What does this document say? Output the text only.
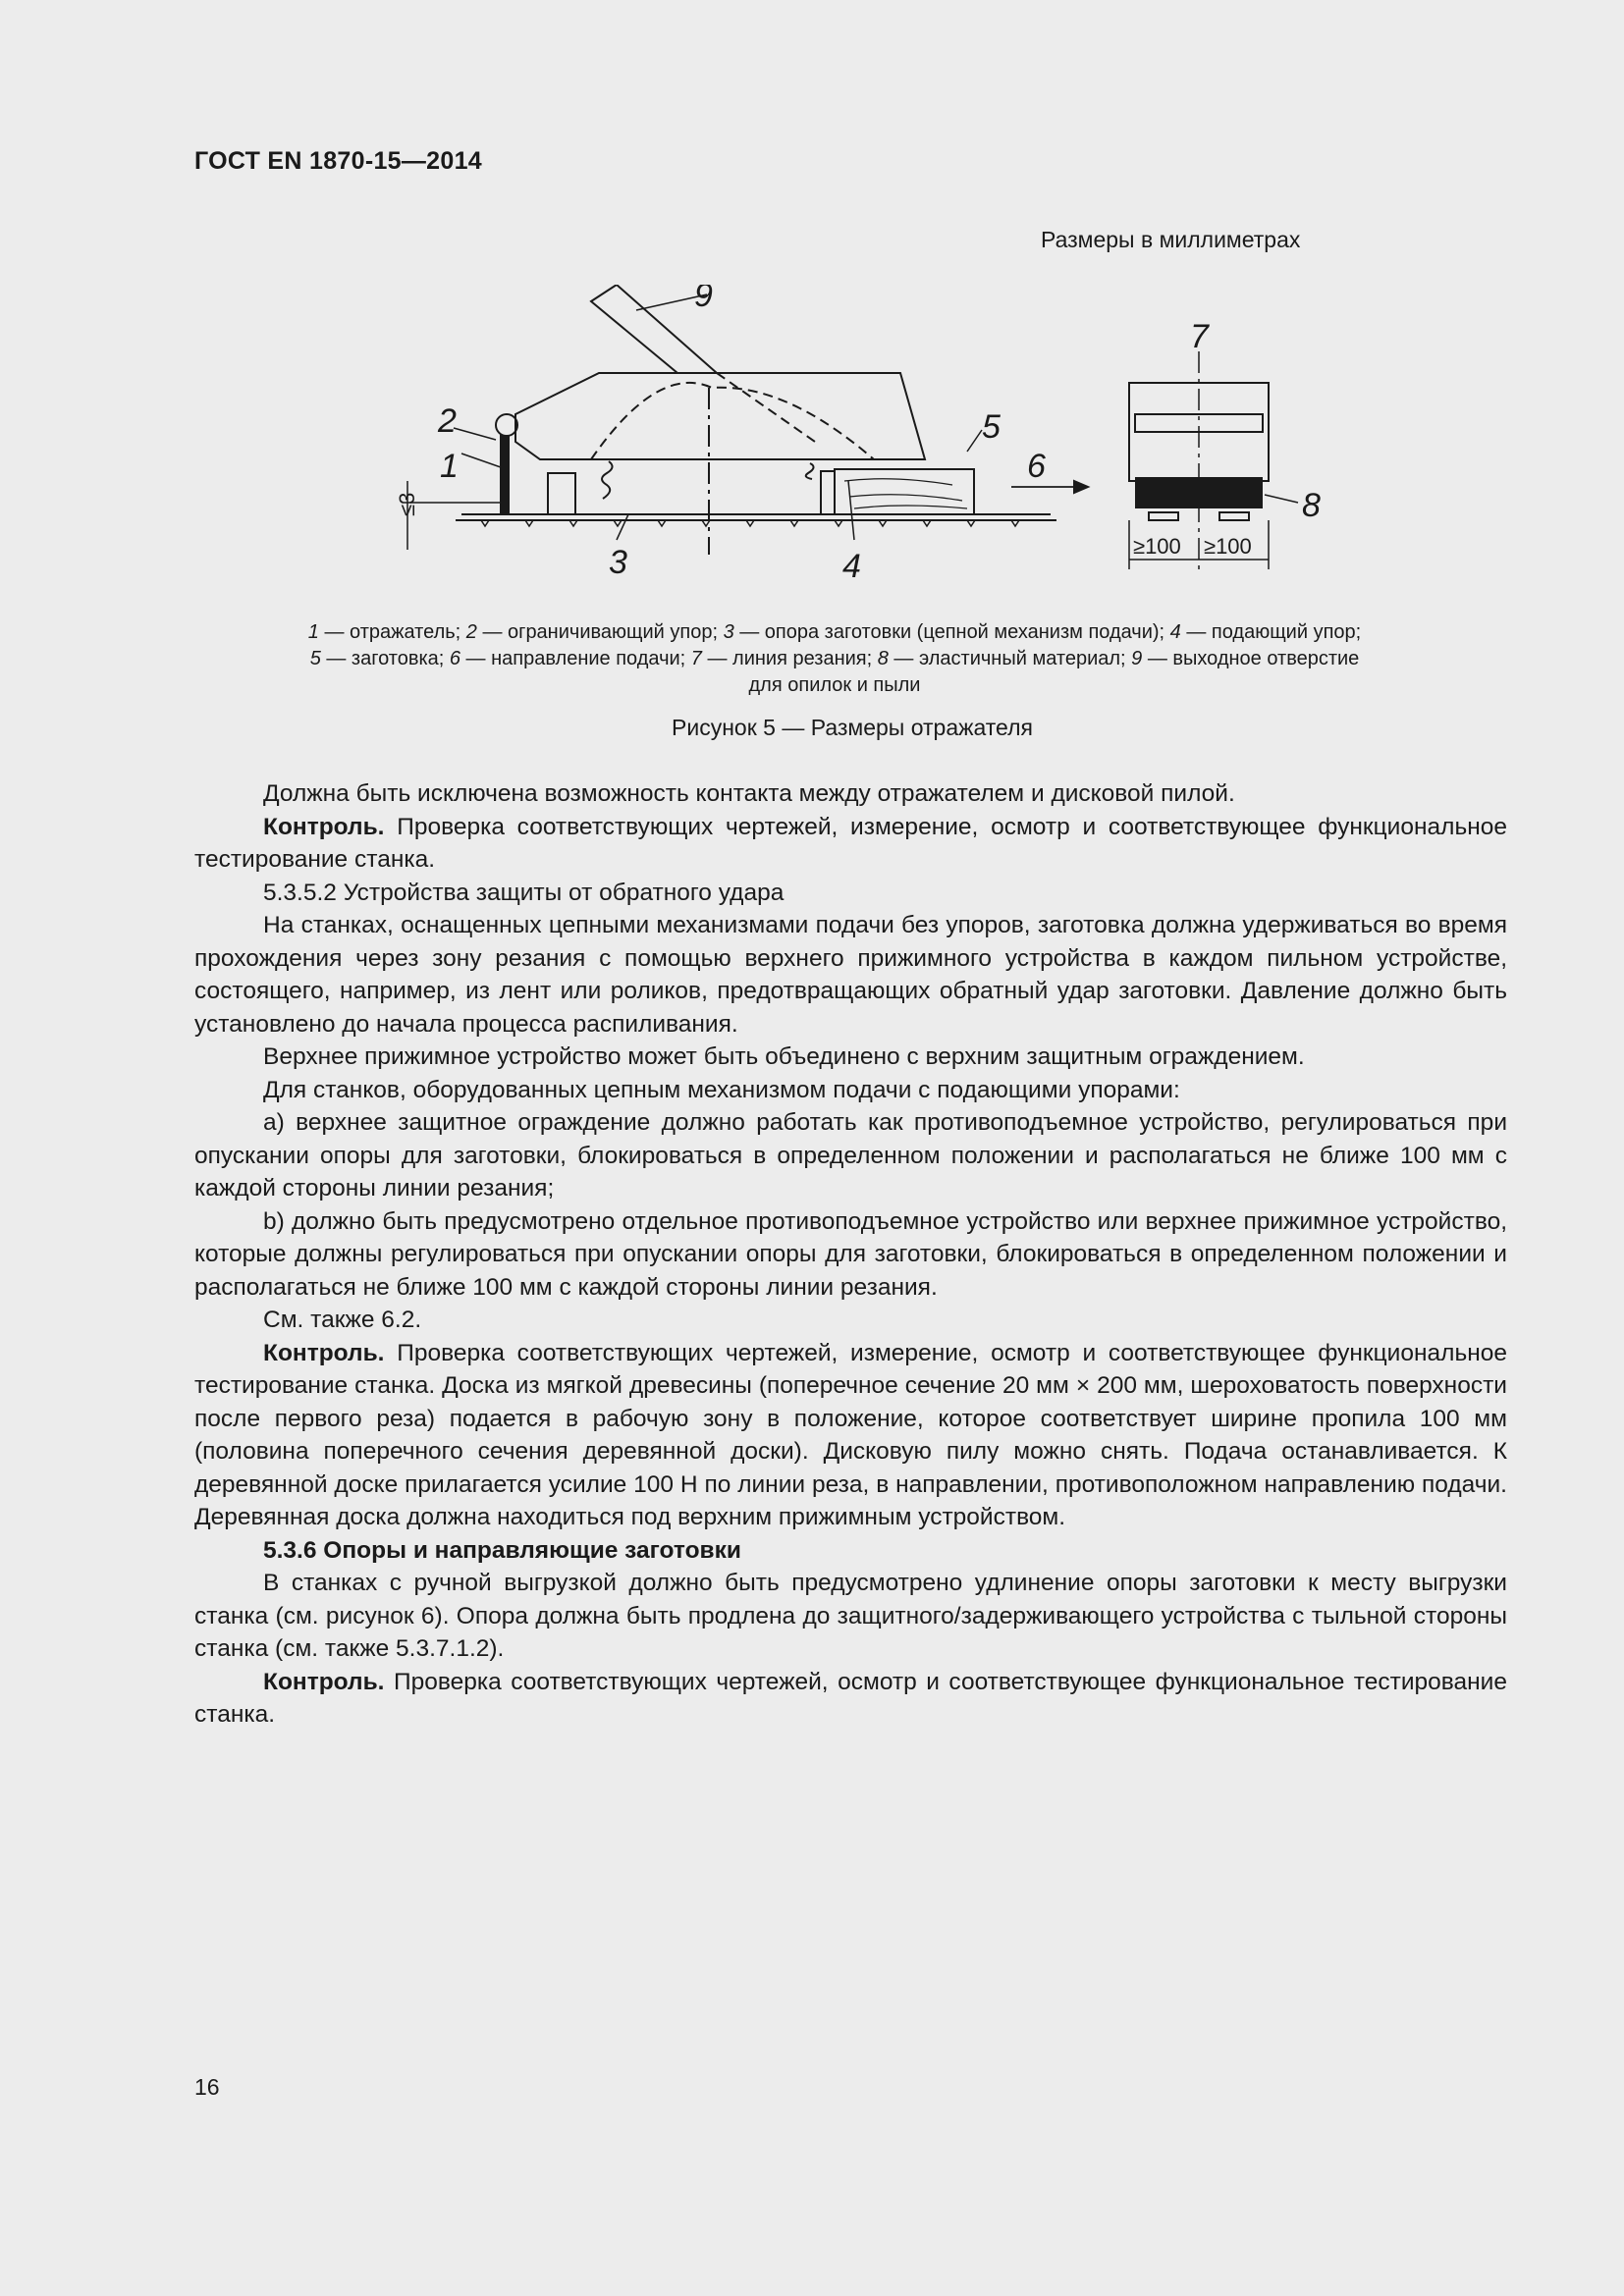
ГОСТ EN 1870-15—2014
Размеры в миллиметрах
9
2
1
5
6
3	4
7
8
≤3
≥100 ≥100
1 — отражатель; 2 — ограничивающий упор; 3 — опора заготовки (цепной механизм подачи); 4 — подающий упор;
5 — заготовка; 6 — направление подачи; 7 — линия резания; 8 — эластичный материал; 9 — выходное отверстие
для опилок и пыли
Рисунок 5 — Размеры отражателя

Должна быть исключена возможность контакта между отражателем и дисковой пилой.

Контроль. Проверка соответствующих чертежей, измерение, осмотр и соответствующее функциональное тестирование станка.

5.3.5.2 Устройства защиты от обратного удара

На станках, оснащенных цепными механизмами подачи без упоров, заготовка должна удерживаться во время прохождения через зону резания с помощью верхнего прижимного устройства в каждом пильном устройстве, состоящего, например, из лент или роликов, предотвращающих обратный удар заготовки. Давление должно быть установлено до начала процесса распиливания.

Верхнее прижимное устройство может быть объединено с верхним защитным ограждением.

Для станков, оборудованных цепным механизмом подачи с подающими упорами:

a) верхнее защитное ограждение должно работать как противоподъемное устройство, регулироваться при опускании опоры для заготовки, блокироваться в определенном положении и располагаться не ближе 100 мм с каждой стороны линии резания;

b) должно быть предусмотрено отдельное противоподъемное устройство или верхнее прижимное устройство, которые должны регулироваться при опускании опоры для заготовки, блокироваться в определенном положении и располагаться не ближе 100 мм с каждой стороны линии резания.

См. также 6.2.

Контроль. Проверка соответствующих чертежей, измерение, осмотр и соответствующее функциональное тестирование станка. Доска из мягкой древесины (поперечное сечение 20 мм × 200 мм, шероховатость поверхности после первого реза) подается в рабочую зону в положение, которое соответствует ширине пропила 100 мм (половина поперечного сечения деревянной доски). Дисковую пилу можно снять. Подача останавливается. К деревянной доске прилагается усилие 100 Н по линии реза, в направлении, противоположном направлению подачи. Деревянная доска должна находиться под верхним прижимным устройством.

5.3.6 Опоры и направляющие заготовки

В станках с ручной выгрузкой должно быть предусмотрено удлинение опоры заготовки к месту выгрузки станка (см. рисунок 6). Опора должна быть продлена до защитного/задерживающего устройства с тыльной стороны станка (см. также 5.3.7.1.2).

Контроль. Проверка соответствующих чертежей, осмотр и соответствующее функциональное тестирование станка.

16
